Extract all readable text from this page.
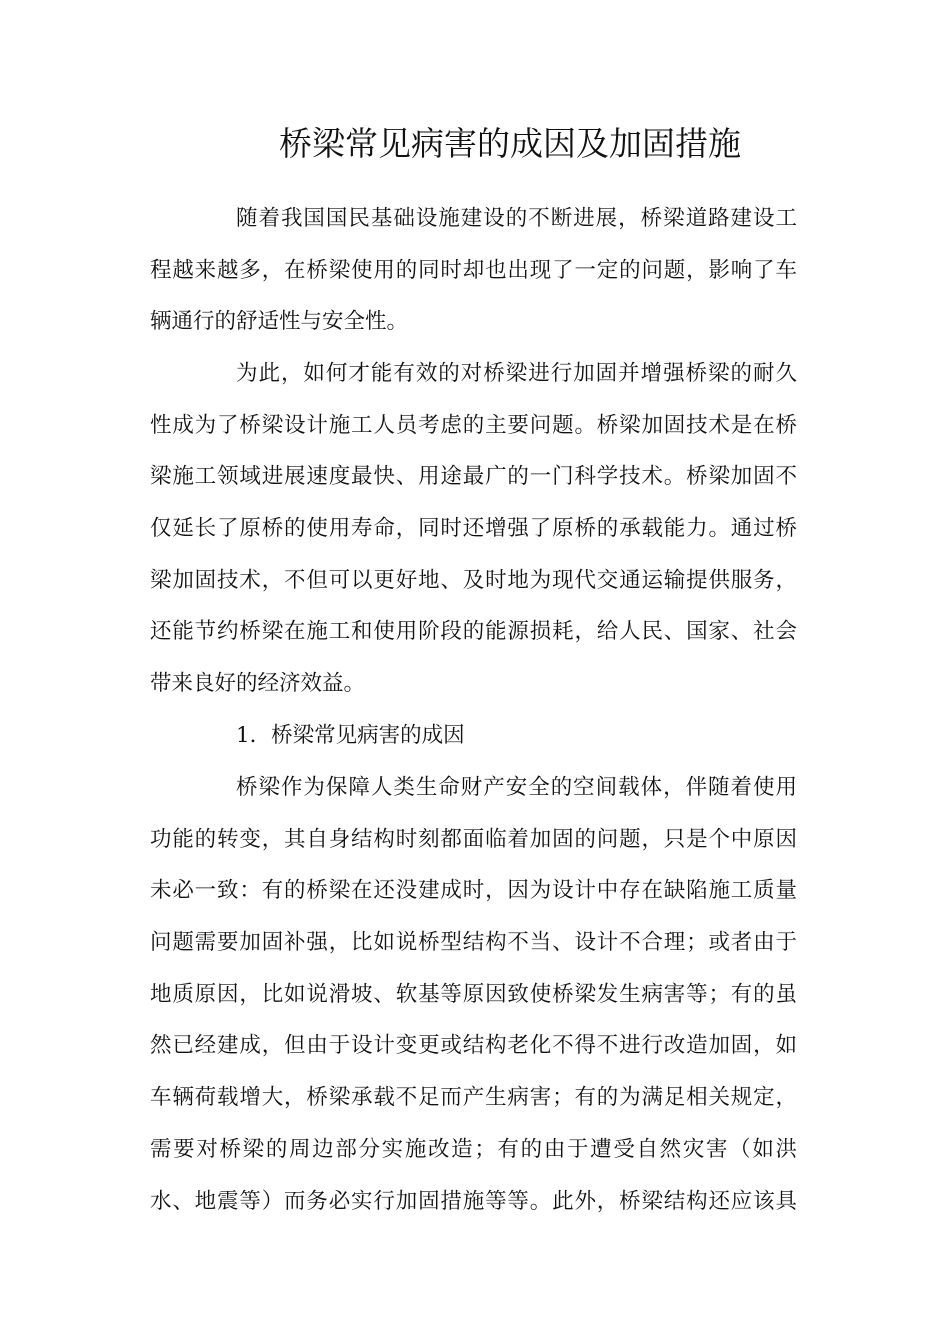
桥梁常见病害的成因及加固措施
随着我国国民基础设施建设的不断进展，桥梁道路建设工
程越来越多，在桥梁使用的同时却也出现了一定的问题，影响了车
辆通行的舒适性与安全性。
为此，如何才能有效的对桥梁进行加固并增强桥梁的耐久
性成为了桥梁设计施工人员考虑的主要问题。桥梁加固技术是在桥
梁施工领域进展速度最快、用途最广的一门科学技术。桥梁加固不
仅延长了原桥的使用寿命，同时还增强了原桥的承载能力。通过桥
梁加固技术，不但可以更好地、及时地为现代交通运输提供服务，
还能节约桥梁在施工和使用阶段的能源损耗，给人民、国家、社会
带来良好的经济效益。
1．桥梁常见病害的成因
桥梁作为保障人类生命财产安全的空间载体，伴随着使用
功能的转变，其自身结构时刻都面临着加固的问题，只是个中原因
未必一致：有的桥梁在还没建成时，因为设计中存在缺陷施工质量
问题需要加固补强，比如说桥型结构不当、设计不合理；或者由于
地质原因，比如说滑坡、软基等原因致使桥梁发生病害等；有的虽
然已经建成，但由于设计变更或结构老化不得不进行改造加固，如
车辆荷载增大，桥梁承载不足而产生病害；有的为满足相关规定，
需要对桥梁的周边部分实施改造；有的由于遭受自然灾害（如洪
水、地震等）而务必实行加固措施等等。此外，桥梁结构还应该具
